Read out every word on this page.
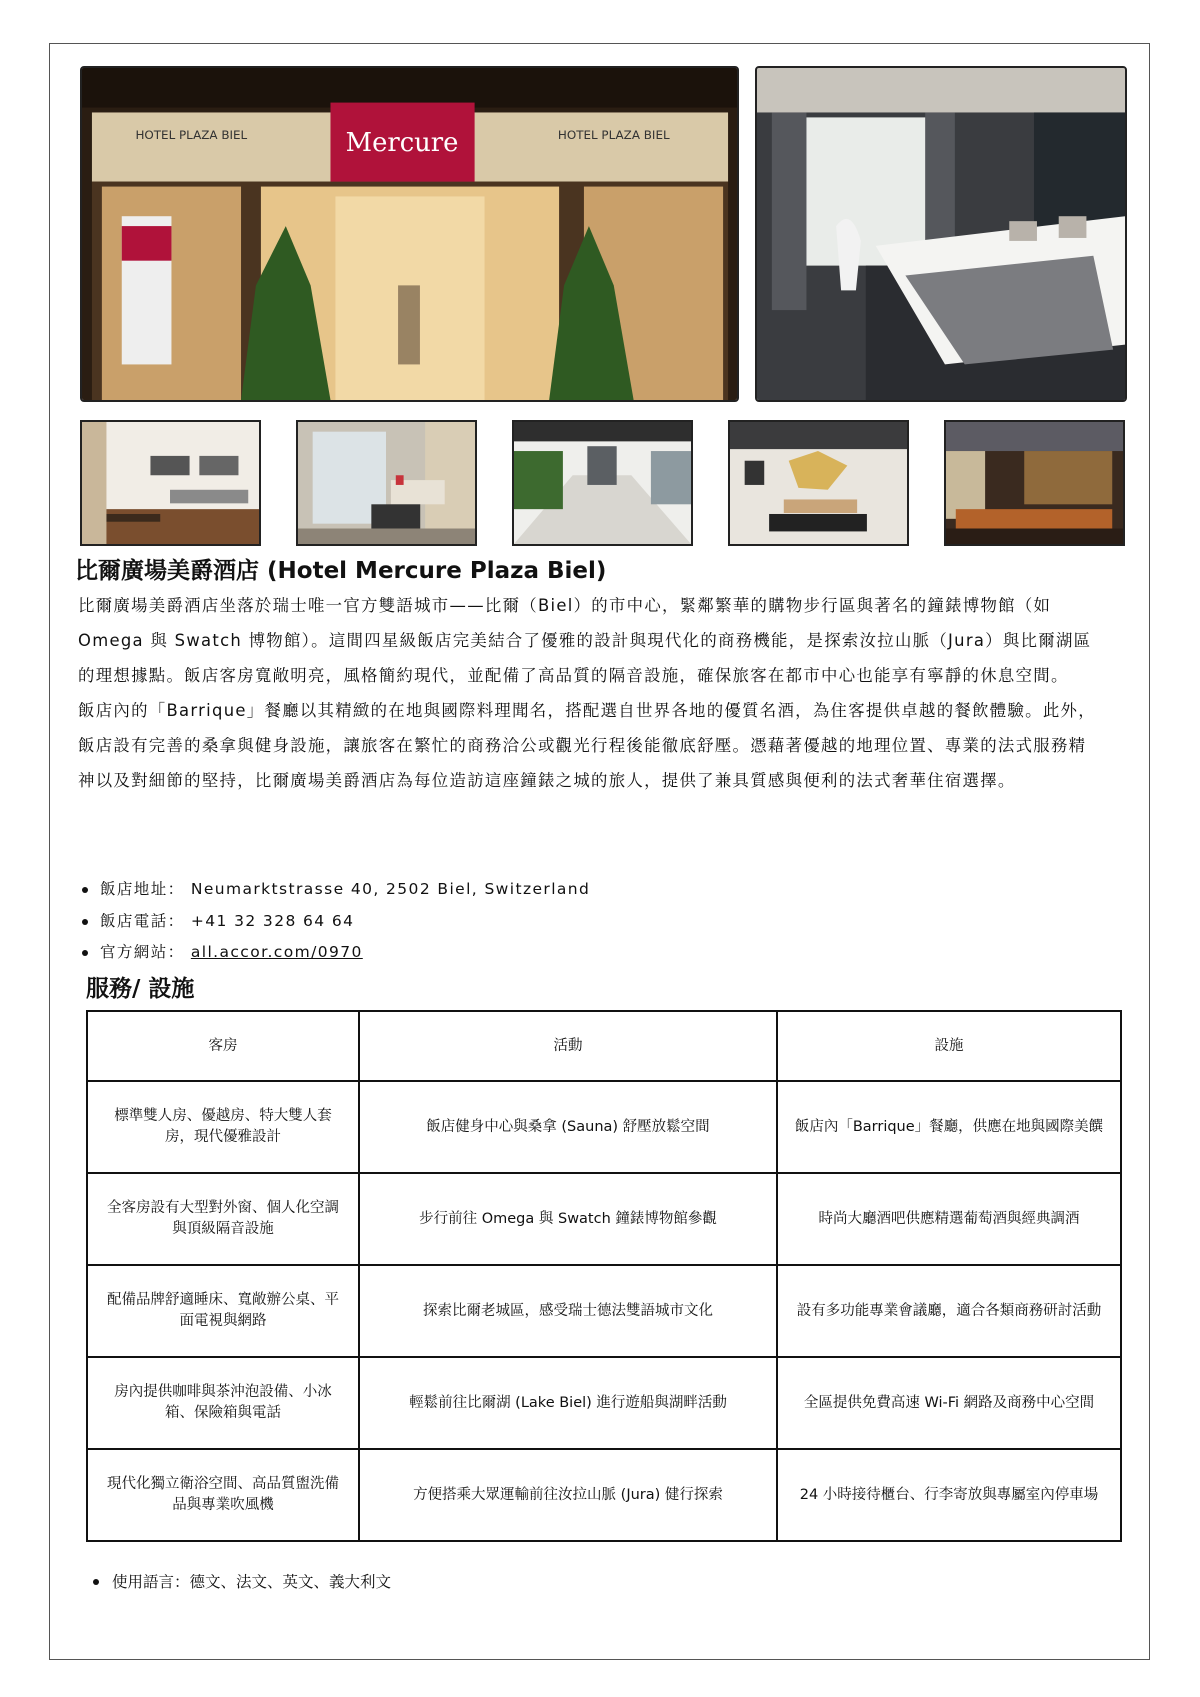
Mercure
HOTEL PLAZA BIEL	HOTEL PLAZA BIEL
比爾廣場美爵酒店 (Hotel Mercure Plaza Biel)

比爾廣場美爵酒店坐落於瑞士唯一官方雙語城市——比爾（Biel）的市中心，緊鄰繁華的購物步行區與著名的鐘錶博物館（如 Omega 與 Swatch 博物館）。這間四星級飯店完美結合了優雅的設計與現代化的商務機能，是探索汝拉山脈（Jura）與比爾湖區的理想據點。飯店客房寬敞明亮，風格簡約現代，並配備了高品質的隔音設施，確保旅客在都市中心也能享有寧靜的休息空間。

飯店內的「Barrique」餐廳以其精緻的在地與國際料理聞名，搭配選自世界各地的優質名酒，為住客提供卓越的餐飲體驗。此外，飯店設有完善的桑拿與健身設施，讓旅客在繁忙的商務洽公或觀光行程後能徹底舒壓。憑藉著優越的地理位置、專業的法式服務精神以及對細節的堅持，比爾廣場美爵酒店為每位造訪這座鐘錶之城的旅人，提供了兼具質感與便利的法式奢華住宿選擇。

飯店地址： Neumarktstrasse 40, 2502 Biel, Switzerland
飯店電話： +41 32 328 64 64
官方網站： all.accor.com/0970
服務/ 設施
客房	活動	設施
標準雙人房、優越房、特大雙人套房，現代優雅設計	飯店健身中心與桑拿 (Sauna) 舒壓放鬆空間	飯店內「Barrique」餐廳，供應在地與國際美饌
全客房設有大型對外窗、個人化空調與頂級隔音設施	步行前往 Omega 與 Swatch 鐘錶博物館參觀	時尚大廳酒吧供應精選葡萄酒與經典調酒
配備品牌舒適睡床、寬敞辦公桌、平面電視與網路	探索比爾老城區，感受瑞士德法雙語城市文化	設有多功能專業會議廳，適合各類商務研討活動
房內提供咖啡與茶沖泡設備、小冰箱、保險箱與電話	輕鬆前往比爾湖 (Lake Biel) 進行遊船與湖畔活動	全區提供免費高速 Wi-Fi 網路及商務中心空間
現代化獨立衛浴空間、高品質盥洗備品與專業吹風機	方便搭乘大眾運輸前往汝拉山脈 (Jura) 健行探索	24 小時接待櫃台、行李寄放與專屬室內停車場
使用語言：德文、法文、英文、義大利文
